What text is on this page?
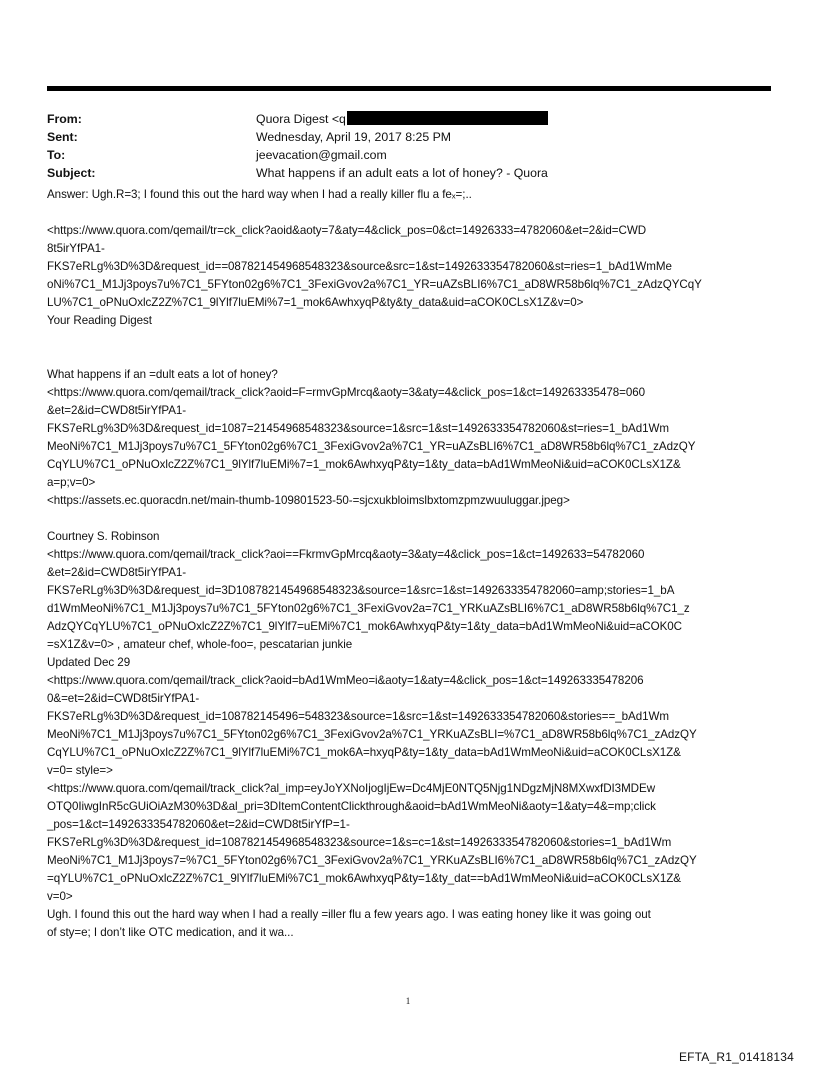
From:	Quora Digest <q
Sent:	Wednesday, April 19, 2017 8:25 PM
To:	jeevacation@gmail.com
Subject:	What happens if an adult eats a lot of honey? - Quora

Answer: Ugh.R=3; I found this out the hard way when I had a really killer flu a feₓ=;..

<https://www.quora.com/qemail/tr=ck_click?aoid&aoty=7&aty=4&click_pos=0&ct=14926333=4782060&et=2&id=CWD
8t5irYfPA1-
FKS7eRLg%3D%3D&request_id==087821454968548323&source&src=1&st=1492633354782060&st=ries=1_bAd1WmMe
oNi%7C1_M1Jj3poys7u%7C1_5FYton02g6%7C1_3FexiGvov2a%7C1_YR=uAZsBLI6%7C1_aD8WR58b6lq%7C1_zAdzQYCqY
LU%7C1_oPNuOxlcZ2Z%7C1_9lYlf7luEMi%7=1_mok6AwhxyqP&ty&ty_data&uid=aCOK0CLsX1Z&v=0>

Your Reading Digest

What happens if an =dult eats a lot of honey?

<https://www.quora.com/qemail/track_click?aoid=F=rmvGpMrcq&aoty=3&aty=4&click_pos=1&ct=149263335478=060
&et=2&id=CWD8t5irYfPA1-
FKS7eRLg%3D%3D&request_id=1087=21454968548323&source=1&src=1&st=1492633354782060&st=ries=1_bAd1Wm
MeoNi%7C1_M1Jj3poys7u%7C1_5FYton02g6%7C1_3FexiGvov2a%7C1_YR=uAZsBLI6%7C1_aD8WR58b6lq%7C1_zAdzQY
CqYLU%7C1_oPNuOxlcZ2Z%7C1_9lYlf7luEMi%7=1_mok6AwhxyqP&ty=1&ty_data=bAd1WmMeoNi&uid=aCOK0CLsX1Z&
a=p;v=0>

<https://assets.ec.quoracdn.net/main-thumb-109801523-50-=sjcxukbloimslbxtomzpmzwuuluggar.jpeg>

Courtney S. Robinson

<https://www.quora.com/qemail/track_click?aoi==FkrmvGpMrcq&aoty=3&aty=4&click_pos=1&ct=1492633=54782060
&et=2&id=CWD8t5irYfPA1-
FKS7eRLg%3D%3D&request_id=3D1087821454968548323&source=1&src=1&st=1492633354782060=amp;stories=1_bA
d1WmMeoNi%7C1_M1Jj3poys7u%7C1_5FYton02g6%7C1_3FexiGvov2a=7C1_YRKuAZsBLI6%7C1_aD8WR58b6lq%7C1_z
AdzQYCqYLU%7C1_oPNuOxlcZ2Z%7C1_9lYlf7=uEMi%7C1_mok6AwhxyqP&ty=1&ty_data=bAd1WmMeoNi&uid=aCOK0C
=sX1Z&v=0> , amateur chef, whole-foo=, pescatarian junkie

Updated Dec 29

<https://www.quora.com/qemail/track_click?aoid=bAd1WmMeo=i&aoty=1&aty=4&click_pos=1&ct=149263335478206
0&=et=2&id=CWD8t5irYfPA1-
FKS7eRLg%3D%3D&request_id=108782145496=548323&source=1&src=1&st=1492633354782060&stories==_bAd1Wm
MeoNi%7C1_M1Jj3poys7u%7C1_5FYton02g6%7C1_3FexiGvov2a%7C1_YRKuAZsBLI=%7C1_aD8WR58b6lq%7C1_zAdzQY
CqYLU%7C1_oPNuOxlcZ2Z%7C1_9lYlf7luEMi%7C1_mok6A=hxyqP&ty=1&ty_data=bAd1WmMeoNi&uid=aCOK0CLsX1Z&
v=0= style=>

<https://www.quora.com/qemail/track_click?al_imp=eyJoYXNoIjogIjEw=Dc4MjE0NTQ5Njg1NDgzMjN8MXwxfDI3MDEw
OTQ0IiwgInR5cGUiOiAzM30%3D&al_pri=3DItemContentClickthrough&aoid=bAd1WmMeoNi&aoty=1&aty=4&=mp;click
_pos=1&ct=1492633354782060&et=2&id=CWD8t5irYfP=1-
FKS7eRLg%3D%3D&request_id=1087821454968548323&source=1&s=c=1&st=1492633354782060&stories=1_bAd1Wm
MeoNi%7C1_M1Jj3poys7=%7C1_5FYton02g6%7C1_3FexiGvov2a%7C1_YRKuAZsBLI6%7C1_aD8WR58b6lq%7C1_zAdzQY
=qYLU%7C1_oPNuOxlcZ2Z%7C1_9lYlf7luEMi%7C1_mok6AwhxyqP&ty=1&ty_dat==bAd1WmMeoNi&uid=aCOK0CLsX1Z&
v=0>

Ugh. I found this out the hard way when I had a really =iller flu a few years ago. I was eating honey like it was going out
of sty=e; I don’t like OTC medication, and it wa...

1
EFTA_R1_01418134
